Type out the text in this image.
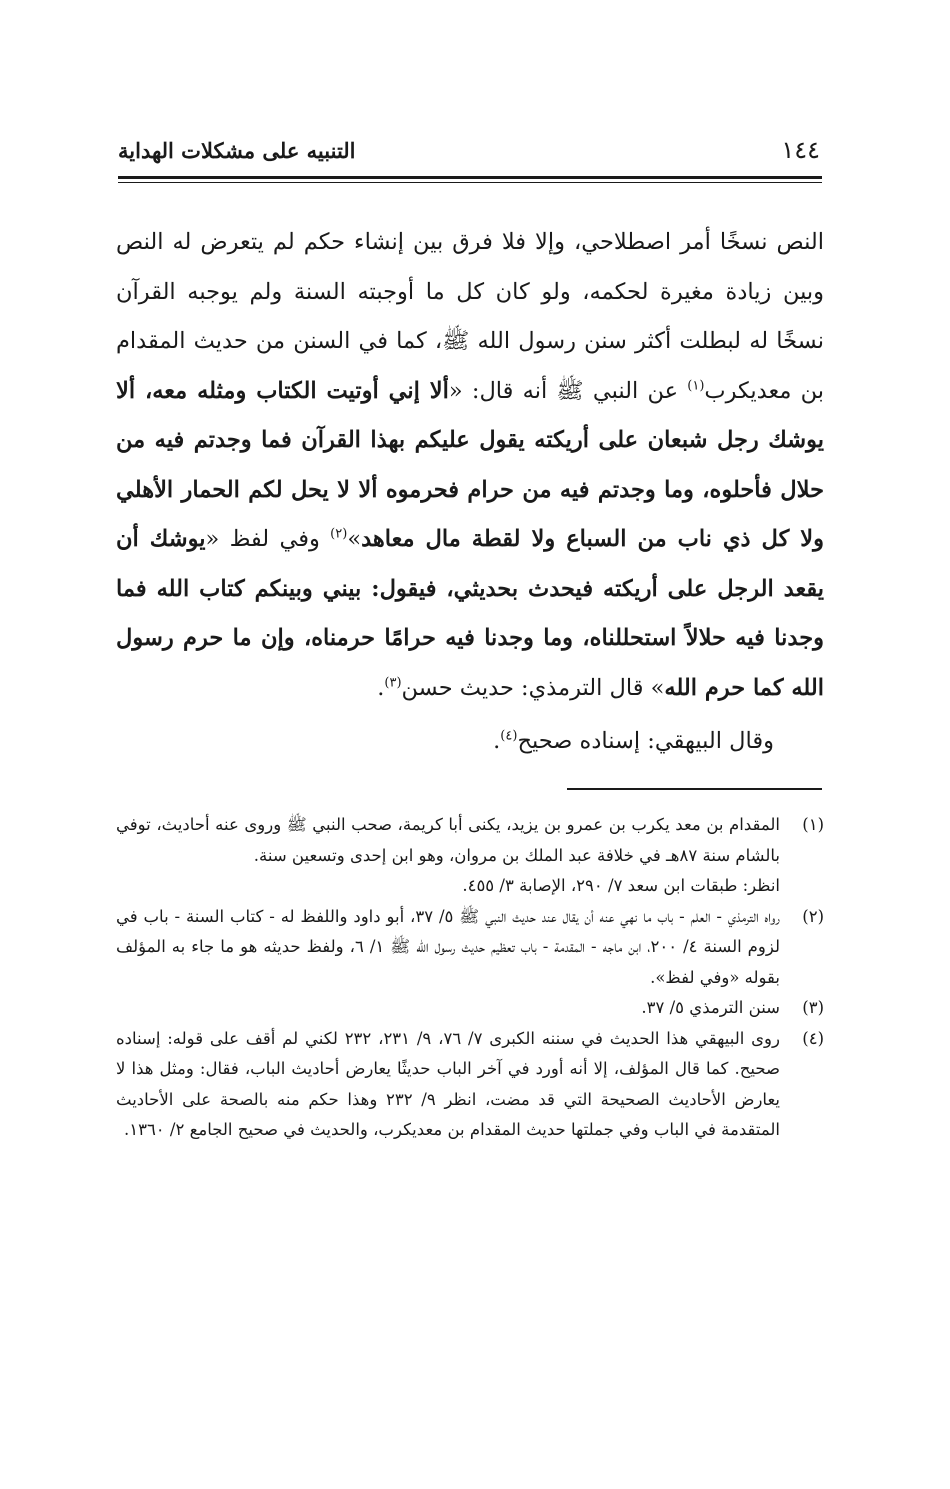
التنبيه على مشكلات الهداية	١٤٤

النص نسخًا أمر اصطلاحي، وإلا فلا فرق بين إنشاء حكم لم يتعرض له النص وبين زيادة مغيرة لحكمه، ولو كان كل ما أوجبته السنة ولم يوجبه القرآن نسخًا له لبطلت أكثر سنن رسول الله ﷺ، كما في السنن من حديث المقدام بن معديكرب$^{(١)}$ عن النبي ﷺ أنه قال: «ألا إني أوتيت الكتاب ومثله معه، ألا يوشك رجل شبعان على أريكته يقول عليكم بهذا القرآن فما وجدتم فيه من حلال فأحلوه، وما وجدتم فيه من حرام فحرموه ألا لا يحل لكم الحمار الأهلي ولا كل ذي ناب من السباع ولا لقطة مال معاهد»$^{(٢)}$ وفي لفظ «يوشك أن يقعد الرجل على أريكته فيحدث بحديثي، فيقول: بيني وبينكم كتاب الله فما وجدنا فيه حلالاً استحللناه، وما وجدنا فيه حرامًا حرمناه، وإن ما حرم رسول الله كما حرم الله» قال الترمذي: حديث حسن$^{(٣)}$.

وقال البيهقي: إسناده صحيح$^{(٤)}$.

(١)

المقدام بن معد يكرب بن عمرو بن يزيد، يكنى أبا كريمة، صحب النبي ﷺ وروى عنه أحاديث، توفي بالشام سنة ٨٧هـ في خلافة عبد الملك بن مروان، وهو ابن إحدى وتسعين سنة.

انظر: طبقات ابن سعد ٧/ ٢٩٠، الإصابة ٣/ ٤٥٥.

(٢)

رواه الترمذي - العلم - باب ما نهي عنه أن يقال عند حديث النبي ﷺ ٥/ ٣٧، أبو داود واللفظ له - كتاب السنة - باب في لزوم السنة ٤/ ٢٠٠، ابن ماجه - المقدمة - باب تعظيم حديث رسول الله ﷺ ١/ ٦، ولفظ حديثه هو ما جاء به المؤلف بقوله «وفي لفظ».

(٣)

سنن الترمذي ٥/ ٣٧.

(٤)

روى البيهقي هذا الحديث في سننه الكبرى ٧/ ٧٦، ٩/ ٢٣١، ٢٣٢ لكني لم أقف على قوله: إسناده صحيح. كما قال المؤلف، إلا أنه أورد في آخر الباب حديثًا يعارض أحاديث الباب، فقال: ومثل هذا لا يعارض الأحاديث الصحيحة التي قد مضت، انظر ٩/ ٢٣٢ وهذا حكم منه بالصحة على الأحاديث المتقدمة في الباب وفي جملتها حديث المقدام بن معديكرب، والحديث في صحيح الجامع ٢/ ١٣٦٠.
